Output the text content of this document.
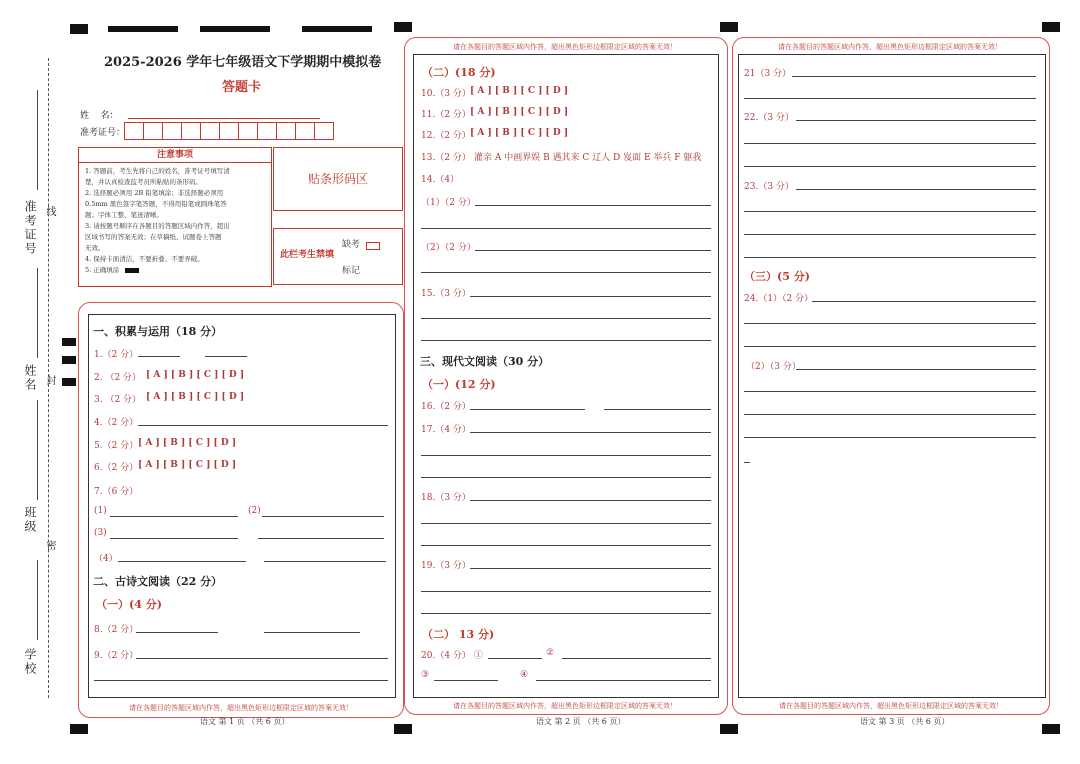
准考证号
姓名
班级
学校
线
封
密
2025-2026 学年七年级语文下学期期中模拟卷
答题卡
姓    名：
准考证号：
注意事项
1. 答题前，考生先将自己的姓名，准考证号填写清
楚，并认真检查监考员所粘贴的条形码。
2. 选择题必须用 2B 铅笔填涂；非选择题必须用
0.5mm 黑色签字笔答题，不得用铅笔或圆珠笔答
题；字体工整、笔迹清晰。
3. 请按题号顺序在各题目的答题区域内作答，超出
区域书写的答案无效；在草稿纸、试题卷上答题
无效。
4. 保持卡面清洁，不要折叠、不要弄破。
5. 正确填涂
贴条形码区
此栏考生禁填
缺考
标记
一、积累与运用（18 分）
1.（2 分）
2. （2 分） [ A ] [ B ] [ C ] [ D ]
3. （2 分） [ A ] [ B ] [ C ] [ D ]
4.（2 分）
5.（2 分） [ A ] [ B ] [ C ] [ D ]
6.（2 分） [ A ] [ B ] [ C ] [ D ]
7.（6 分）
(1)	(2)
(3)
（4）
二、古诗文阅读（22 分）
（一）(4 分)
8.（2 分）
9.（2 分）
请在各题目的答题区域内作答，超出黑色矩形边框限定区域的答案无效！
语文 第 1 页 （共 6 页）
请在各题目的答题区域内作答，超出黑色矩形边框限定区域的答案无效！
（二）(18 分)
10.（3 分） [ A ] [ B ] [ C ] [ D ]
11.（2 分） [ A ] [ B ] [ C ] [ D ]
12.（2 分） [ A ] [ B ] [ C ] [ D ]
13.（2 分） 灌亲 A 中画界娱 B 遇其来 C 辽人 D 岌面 E 举兵 F 躯我
14.（4）
（1）（2 分）
（2）（2 分）
15.（3 分）
三、现代文阅读（30 分）
（一）(12 分)
16.（2 分）
17.（4 分）
18.（3 分）
19.（3 分）
（二） 13 分)
20.（4 分） ①	②
③	④
请在各题目的答题区域内作答，超出黑色矩形边框限定区域的答案无效！
语文 第 2 页 （共 6 页）
请在各题目的答题区域内作答，超出黑色矩形边框限定区域的答案无效！
21（3 分）
22.（3 分）
23.（3 分）
（三）(5 分)
24.（1）（2 分）
（2）（3 分）
请在各题目的答题区域内作答，超出黑色矩形边框限定区域的答案无效！
语文 第 3 页 （共 6 页）
